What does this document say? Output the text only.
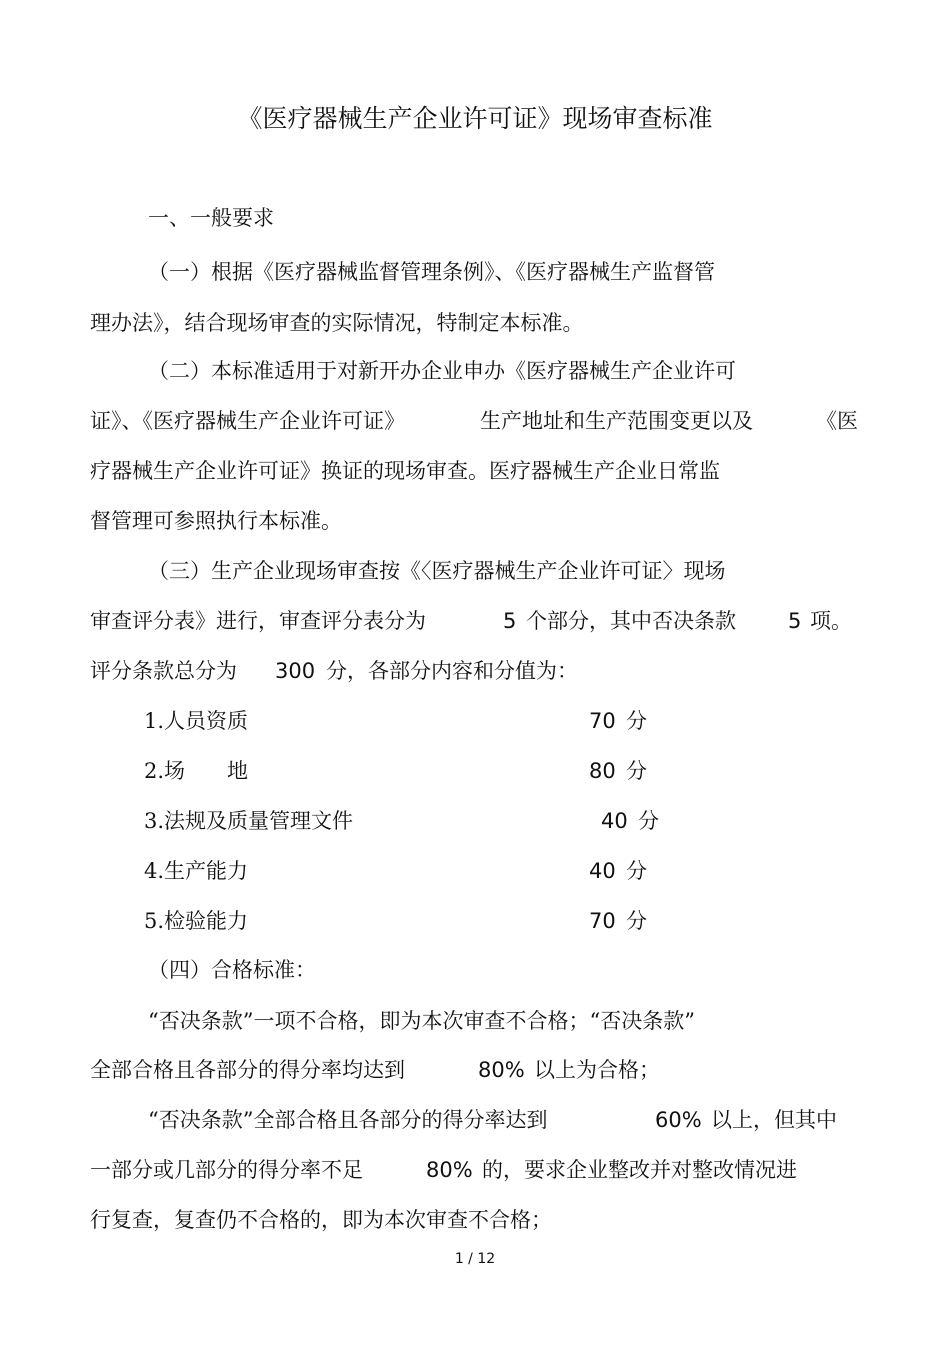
《医疗器械生产企业许可证》现场审查标准
一、一般要求
（一）根据《医疗器械监督管理条例》、《医疗器械生产监督管
理办法》，结合现场审查的实际情况，特制定本标准。
（二）本标准适用于对新开办企业申办《医疗器械生产企业许可
证》、《医疗器械生产企业许可证》	生产地址和生产范围变更以及	《医
疗器械生产企业许可证》换证的现场审查。医疗器械生产企业日常监
督管理可参照执行本标准。
（三）生产企业现场审查按《〈医疗器械生产企业许可证〉现场
审查评分表》进行，审查评分表分为	5 个部分，其中否决条款 5 项。
评分条款总分为 300 分，各部分内容和分值为：
1.人员资质	70 分
2.场　　地	80 分
3.法规及质量管理文件	40 分
4.生产能力	40 分
5.检验能力	70 分
（四）合格标准：
“否决条款”一项不合格，即为本次审查不合格；“否决条款”
全部合格且各部分的得分率均达到	80% 以上为合格；
“否决条款”全部合格且各部分的得分率达到	60% 以上，但其中
一部分或几部分的得分率不足	80% 的，要求企业整改并对整改情况进
行复查，复查仍不合格的，即为本次审查不合格；
1 / 12
